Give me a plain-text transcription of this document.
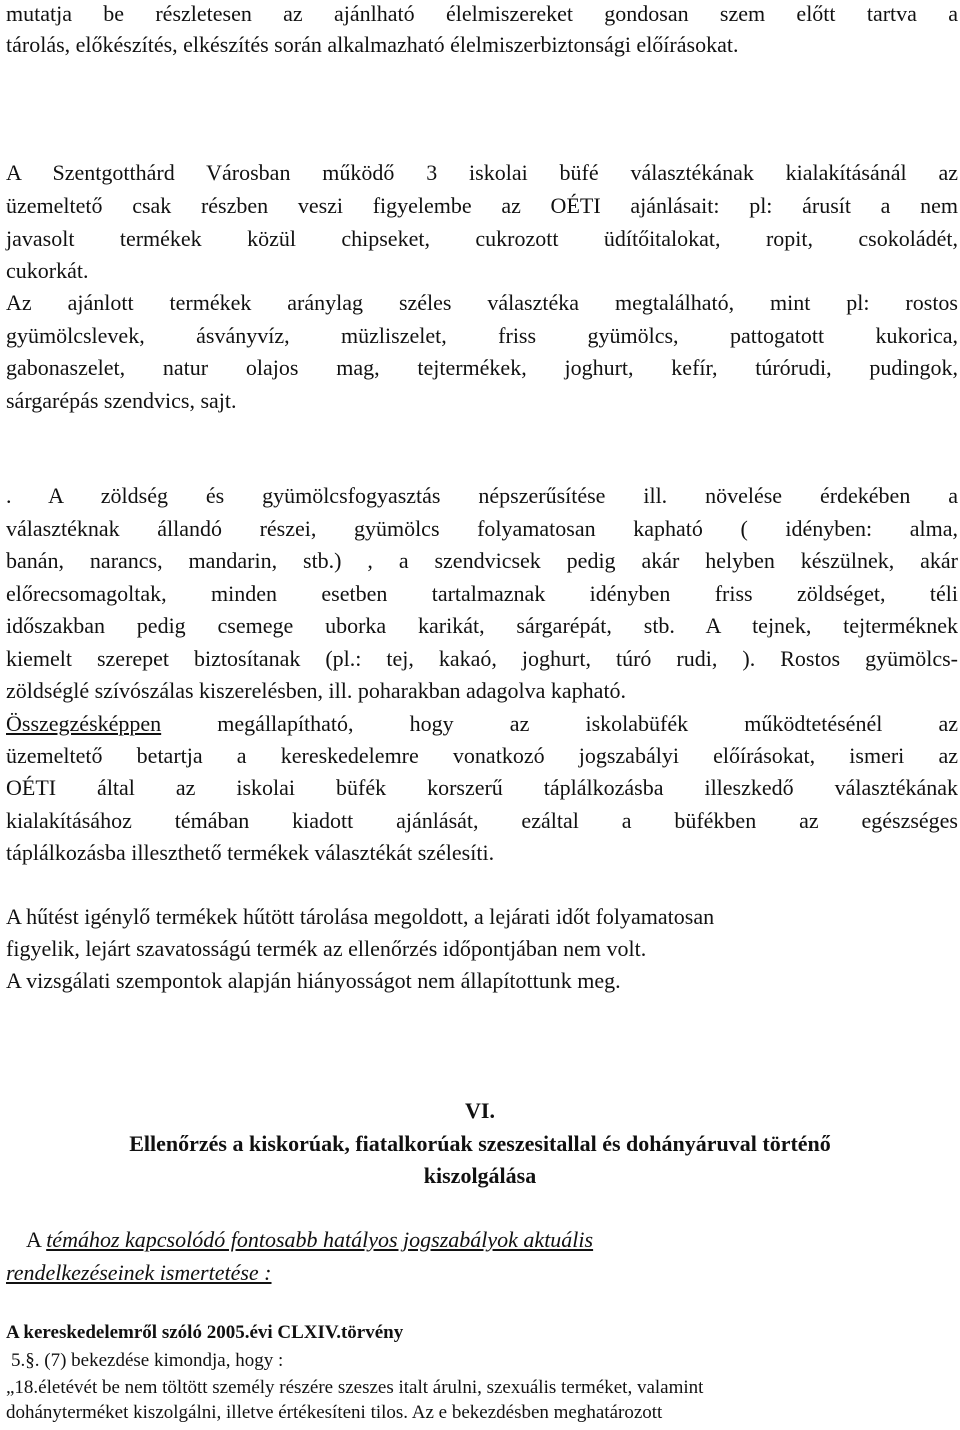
mutatja be részletesen az ajánlható élelmiszereket gondosan szem előtt tartva a
tárolás, előkészítés, elkészítés során alkalmazható élelmiszerbiztonsági előírásokat.
A Szentgotthárd Városban működő 3 iskolai büfé választékának kialakításánál az
üzemeltető csak részben veszi figyelembe az OÉTI ajánlásait: pl: árusít a nem
javasolt termékek közül chipseket, cukrozott üdítőitalokat, ropit, csokoládét,
cukorkát.
Az ajánlott termékek aránylag széles választéka megtalálható, mint pl: rostos
gyümölcslevek, ásványvíz, müzliszelet, friss gyümölcs, pattogatott kukorica,
gabonaszelet, natur olajos mag, tejtermékek, joghurt, kefír, túrórudi, pudingok,
sárgarépás szendvics, sajt.
. A zöldség és gyümölcsfogyasztás népszerűsítése ill. növelése érdekében a
választéknak állandó részei, gyümölcs folyamatosan kapható ( idényben: alma,
banán, narancs, mandarin, stb.) , a szendvicsek pedig akár helyben készülnek, akár
előrecsomagoltak, minden esetben tartalmaznak idényben friss zöldséget, téli
időszakban pedig csemege uborka karikát, sárgarépát, stb. A tejnek, tejterméknek
kiemelt szerepet biztosítanak (pl.: tej, kakaó, joghurt, túró rudi, ). Rostos gyümölcs-
zöldséglé szívószálas kiszerelésben, ill. poharakban adagolva kapható.
Összegzésképpen megállapítható, hogy az iskolabüfék működtetésénél az
üzemeltető betartja a kereskedelemre vonatkozó jogszabályi előírásokat, ismeri az
OÉTI által az iskolai büfék korszerű táplálkozásba illeszkedő választékának
kialakításához témában kiadott ajánlását, ezáltal a büfékben az egészséges
táplálkozásba illeszthető termékek választékát szélesíti.
A hűtést igénylő termékek hűtött tárolása megoldott, a lejárati időt folyamatosan
figyelik, lejárt szavatosságú termék az ellenőrzés időpontjában nem volt.
A vizsgálati szempontok alapján hiányosságot nem állapítottunk meg.
VI.
Ellenőrzés a kiskorúak, fiatalkorúak szeszesitallal és dohányáruval történő
kiszolgálása
A témához kapcsolódó fontosabb hatályos jogszabályok aktuális
rendelkezéseinek ismertetése :
A kereskedelemről szóló 2005.évi CLXIV.törvény
5.§. (7) bekezdése kimondja, hogy :
„18.életévét be nem töltött személy részére szeszes italt árulni, szexuális terméket, valamint
dohányterméket kiszolgálni, illetve értékesíteni tilos. Az e bekezdésben meghatározott
